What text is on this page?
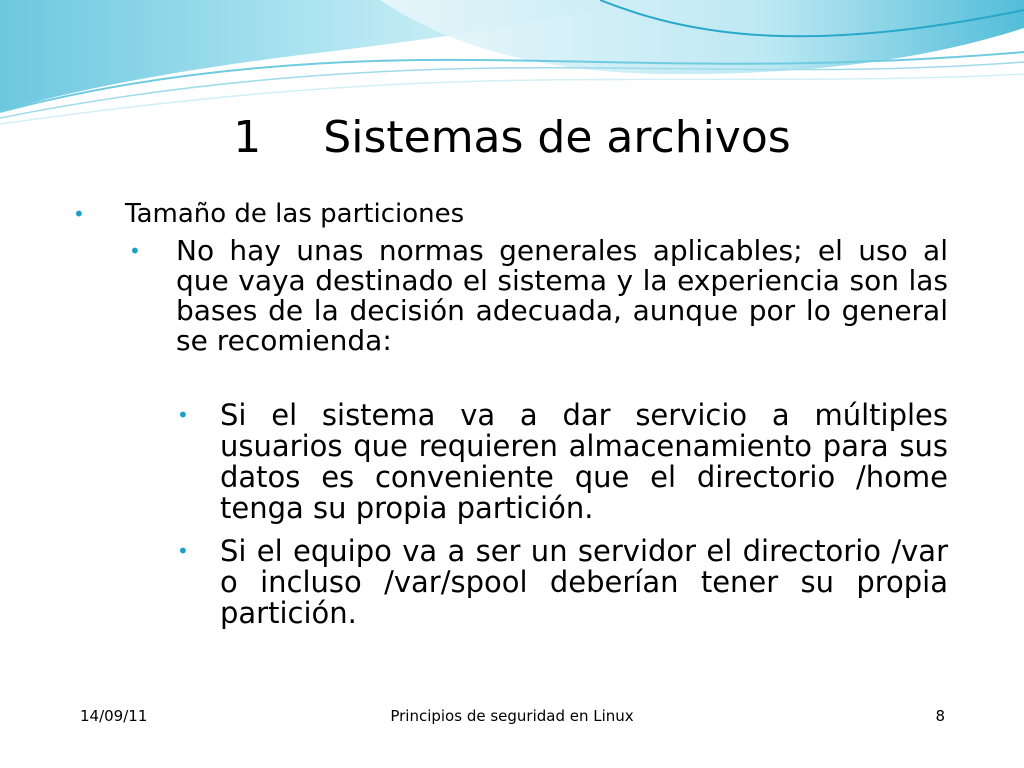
1 Sistemas de archivos
• Tamaño de las particiones
• No hay unas normas generales aplicables; el uso al que vaya destinado el sistema y la experiencia son las bases de la decisión adecuada, aunque por lo general se recomienda:
• Si el sistema va a dar servicio a múltiples usuarios que requieren almacenamiento para sus datos es conveniente que el directorio /home tenga su propia partición.
• Si el equipo va a ser un servidor el directorio /var o incluso /var/spool deberían tener su propia partición.
14/09/11	Principios de seguridad en Linux	8
